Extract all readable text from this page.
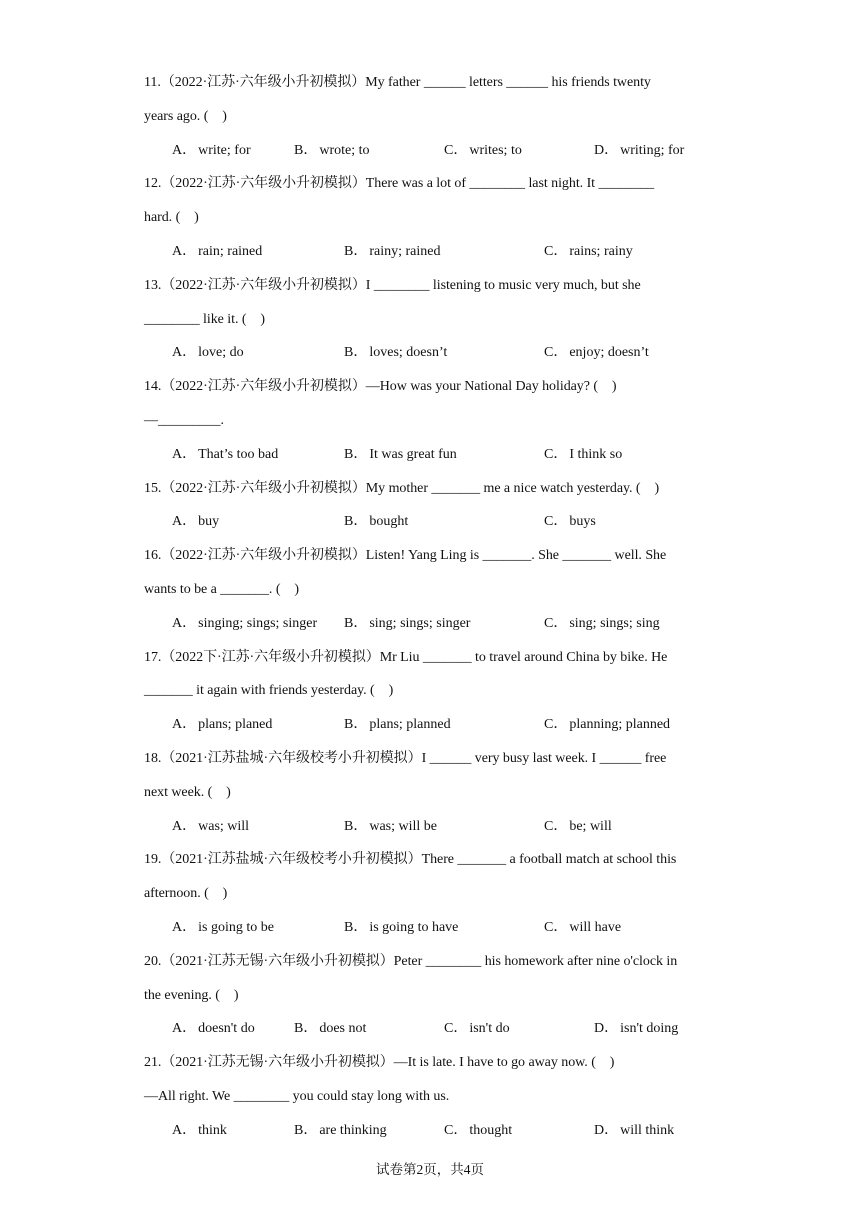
11.（2022·江苏·六年级小升初模拟）My father ______ letters ______ his friends twenty
years ago. (　)
A． write; for	B． wrote; to	C． writes; to	D． writing; for
12.（2022·江苏·六年级小升初模拟）There was a lot of ________ last night. It ________
hard. (　)
A． rain; rained	B． rainy; rained	C． rains; rainy
13.（2022·江苏·六年级小升初模拟）I ________ listening to music very much, but she
________ like it. (　)
A． love; do	B． loves; doesn’t	C． enjoy; doesn’t
14.（2022·江苏·六年级小升初模拟）—How was your National Day holiday? (　)
—_________.
A． That’s too bad	B． It was great fun	C． I think so
15.（2022·江苏·六年级小升初模拟）My mother _______ me a nice watch yesterday. (　)
A． buy	B． bought	C． buys
16.（2022·江苏·六年级小升初模拟）Listen! Yang Ling is _______. She _______ well. She
wants to be a _______. (　)
A． singing; sings; singer B． sing; sings; singer	C． sing; sings; sing
17.（2022下·江苏·六年级小升初模拟）Mr Liu _______ to travel around China by bike. He
_______ it again with friends yesterday. (　)
A． plans; planed	B． plans; planned	C． planning; planned
18.（2021·江苏盐城·六年级校考小升初模拟）I ______ very busy last week. I ______ free
next week. (　)
A． was; will	B． was; will be	C． be; will
19.（2021·江苏盐城·六年级校考小升初模拟）There _______ a football match at school this
afternoon. (　)
A． is going to be	B． is going to have	C． will have
20.（2021·江苏无锡·六年级小升初模拟）Peter ________ his homework after nine o'clock in
the evening. (　)
A． doesn't do	B． does not	C． isn't do	D． isn't doing
21.（2021·江苏无锡·六年级小升初模拟）—It is late. I have to go away now. (　)
—All right. We ________ you could stay long with us.
A． think	B． are thinking	C． thought	D． will think
试卷第2页，共4页
